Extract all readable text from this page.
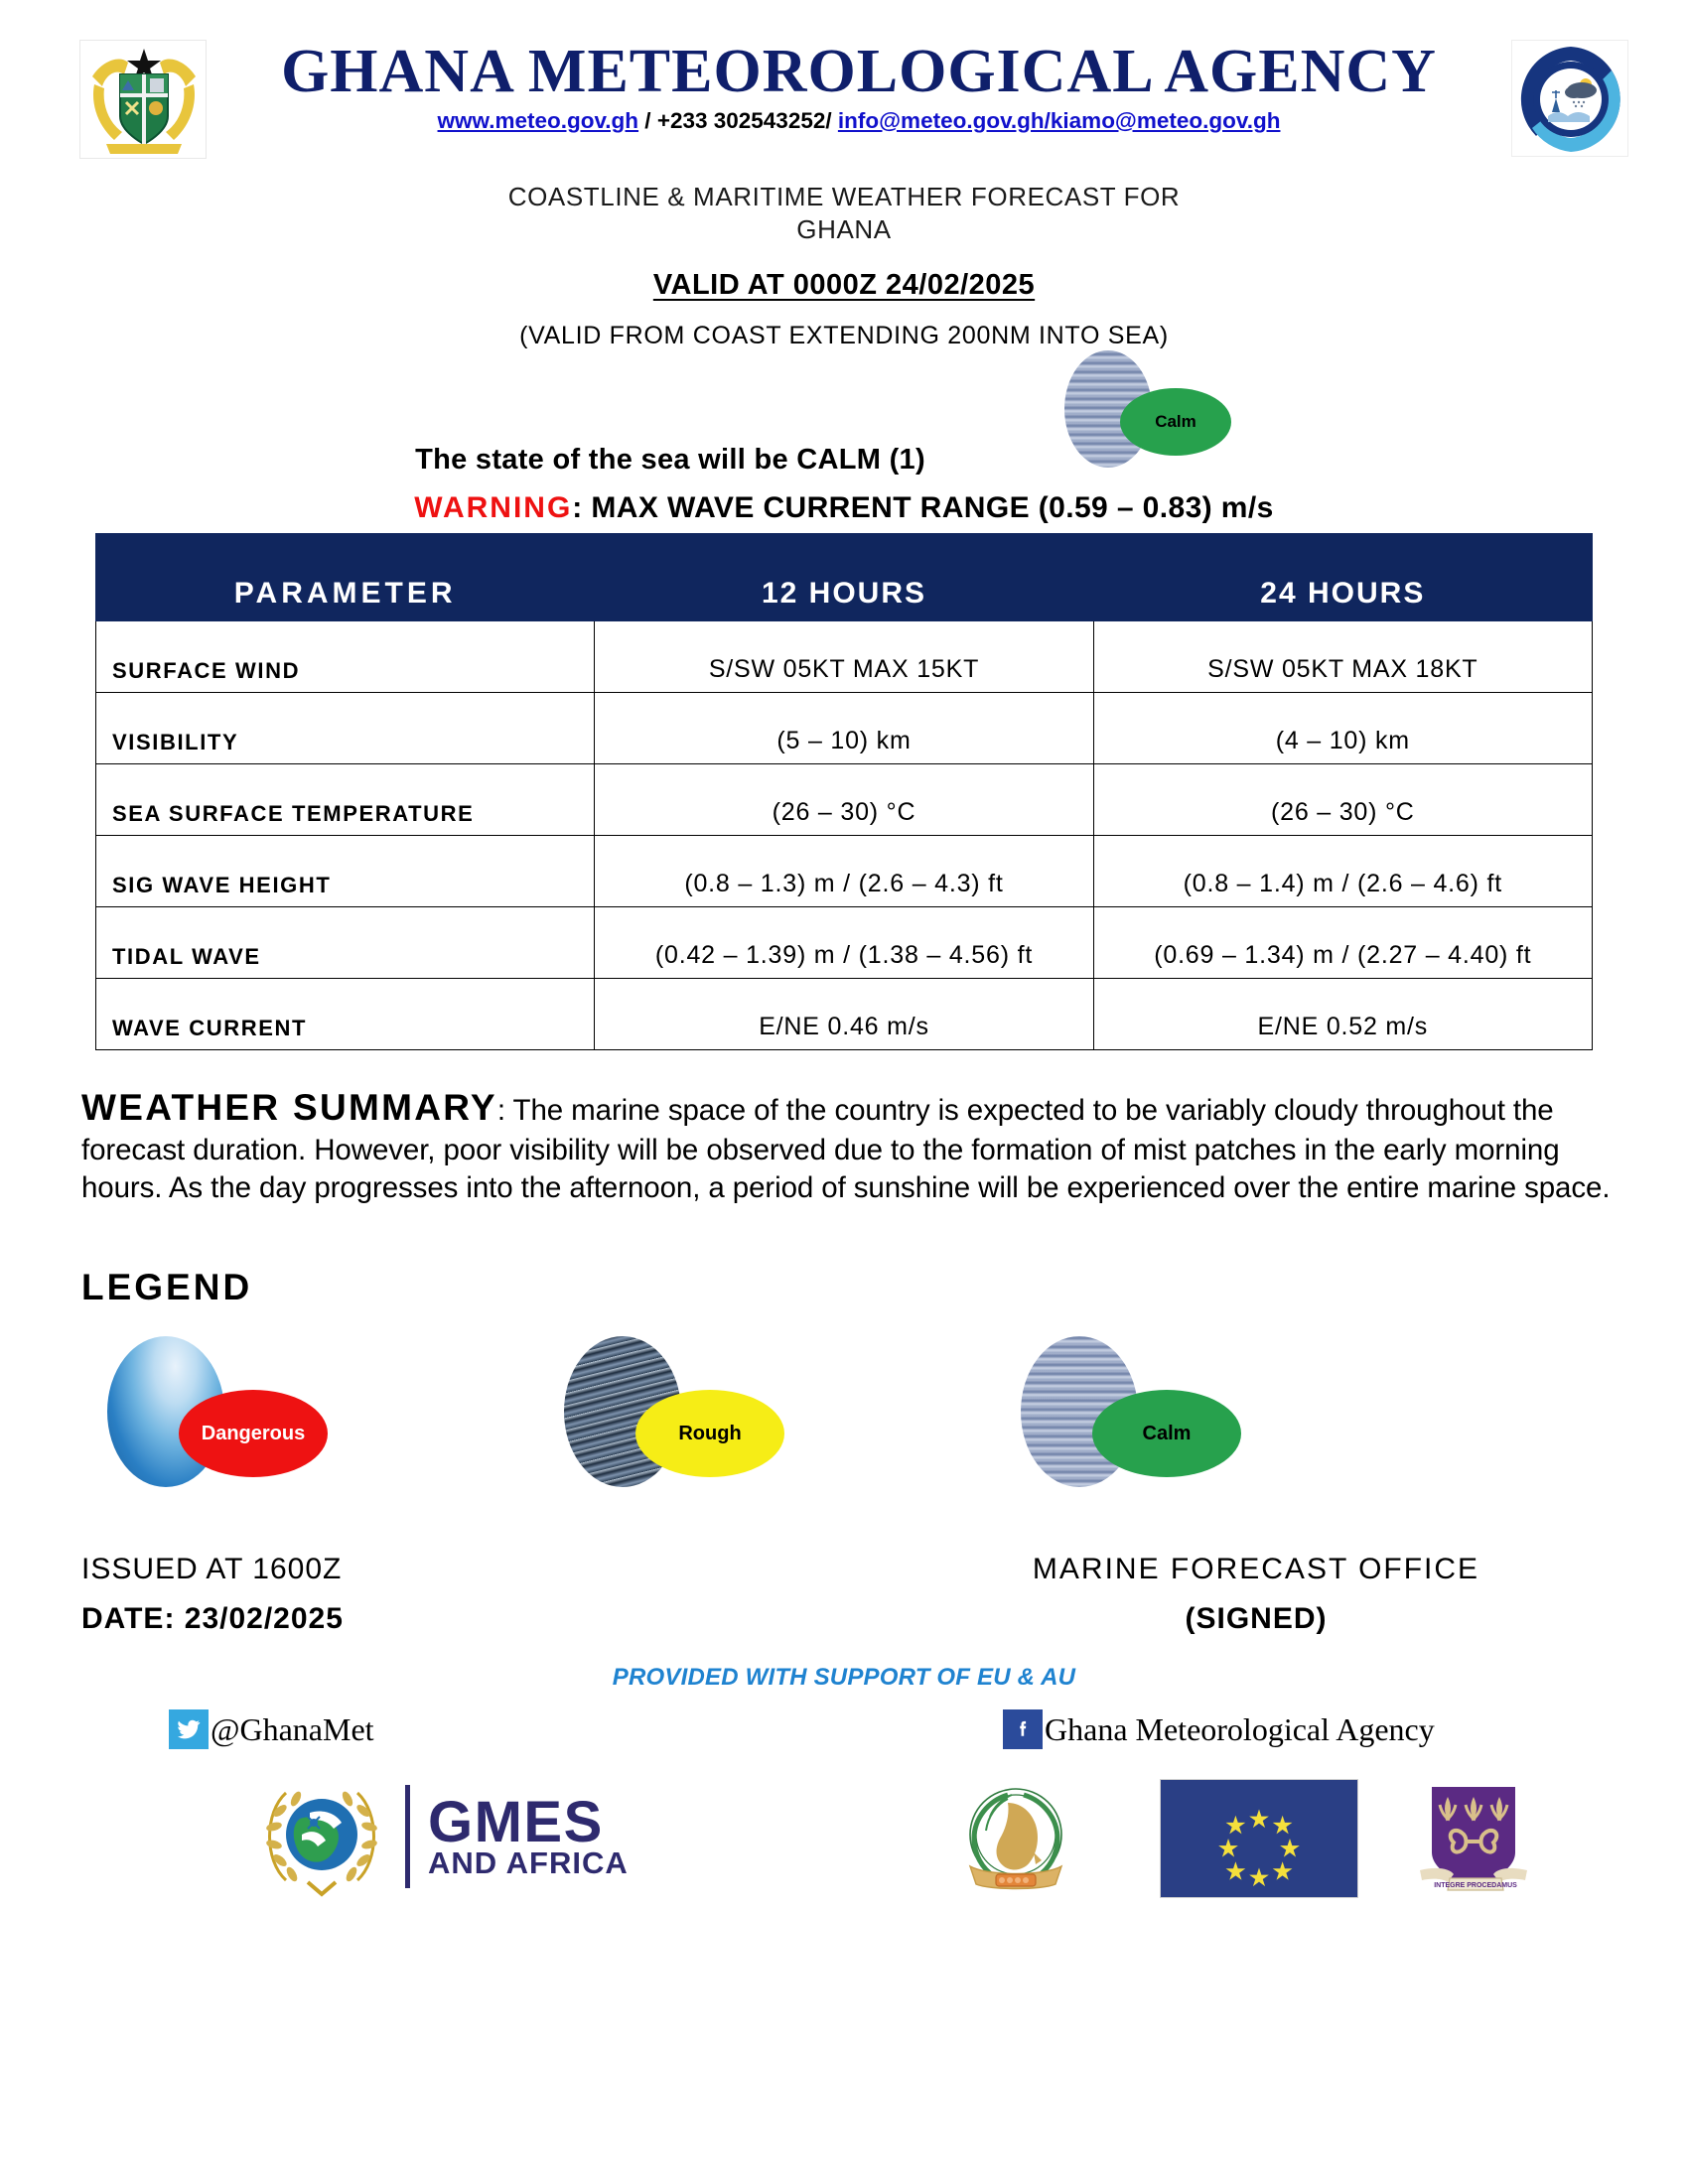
GHANA METEOROLOGICAL AGENCY
www.meteo.gov.gh / +233 302543252/ info@meteo.gov.gh/kiamo@meteo.gov.gh
COASTLINE & MARITIME WEATHER FORECAST FOR
GHANA
VALID AT 0000Z 24/02/2025
(VALID FROM COAST EXTENDING 200NM INTO SEA)
Calm
The state of the sea will be CALM (1)
WARNING: MAX WAVE CURRENT RANGE (0.59 – 0.83) m/s
PARAMETER	12 HOURS	24 HOURS
SURFACE WIND	S/SW 05KT MAX 15KT	S/SW 05KT MAX 18KT
VISIBILITY	(5 – 10) km	(4 – 10) km
SEA SURFACE TEMPERATURE	(26 – 30) °C	(26 – 30) °C
SIG WAVE HEIGHT	(0.8 – 1.3) m / (2.6 – 4.3) ft	(0.8 – 1.4) m / (2.6 – 4.6) ft
TIDAL WAVE	(0.42 – 1.39) m / (1.38 – 4.56) ft	(0.69 – 1.34) m / (2.27 – 4.40) ft
WAVE CURRENT	E/NE 0.46 m/s	E/NE 0.52 m/s
WEATHER SUMMARY: The marine space of the country is expected to be variably cloudy throughout the forecast duration. However, poor visibility will be observed due to the formation of mist patches in the early morning hours. As the day progresses into the afternoon, a period of sunshine will be experienced over the entire marine space.
LEGEND
Dangerous	Rough	Calm
ISSUED AT 1600Z
DATE: 23/02/2025
MARINE FORECAST OFFICE
(SIGNED)
PROVIDED WITH SUPPORT OF EU & AU
@GhanaMet	Ghana Meteorological Agency
GMES
AND AFRICA
INTEGRE PROCEDAMUS
